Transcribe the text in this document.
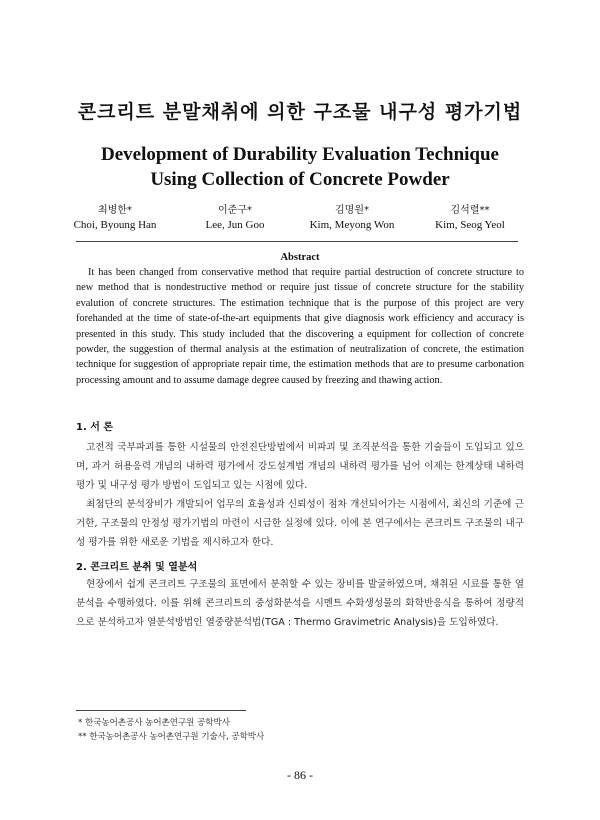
콘크리트 분말채취에 의한 구조물 내구성 평가기법
Development of Durability Evaluation Technique
Using Collection of Concrete Powder
최병한*
Choi, Byoung Han
이준구*
Lee, Jun Goo
김명원*
Kim, Meyong Won
김석렬**
Kim, Seog Yeol
Abstract
It has been changed from conservative method that require partial destruction of concrete structure to new method that is nondestructive method or require just tissue of concrete structure for the stability evalution of concrete structures. The estimation technique that is the purpose of this project are very forehanded at the time of state-of-the-art equipments that give diagnosis work efficiency and accuracy is presented in this study. This study included that the discovering a equipment for collection of concrete powder, the suggestion of thermal analysis at the estimation of neutralization of concrete, the estimation technique for suggestion of appropriate repair time, the estimation methods that are to presume carbonation processing amount and to assume damage degree caused by freezing and thawing action.
1. 서 론
고전적 국부파괴를 통한 시설물의 안전진단방법에서 비파괴 및 조직분석을 통한 기술들이 도입되고 있으며, 과거 허용응력 개념의 내하력 평가에서 강도설계법 개념의 내하력 평가를 넘어 이제는 한계상태 내하력 평가 및 내구성 평가 방법이 도입되고 있는 시점에 있다.
최첨단의 분석장비가 개발되어 업무의 효율성과 신뢰성이 점차 개선되어가는 시점에서, 최신의 기준에 근거한, 구조물의 안정성 평가기법의 마련이 시급한 실정에 있다. 이에 본 연구에서는 콘크리트 구조물의 내구성 평가를 위한 새로운 기법을 제시하고자 한다.
2. 콘크리트 분취 및 열분석
현장에서 쉽게 콘크리트 구조물의 표면에서 분취할 수 있는 장비를 발굴하였으며, 채취된 시료를 통한 열분석을 수행하였다. 이를 위해 콘크리트의 중성화분석을 시멘트 수화생성물의 화학반응식을 통하여 정량적으로 분석하고자 열분석방법인 열중량분석법(TGA : Thermo Gravimetric Analysis)을 도입하였다.
* 한국농어촌공사 농어촌연구원 공학박사
** 한국농어촌공사 농어촌연구원 기술사, 공학박사
- 86 -
